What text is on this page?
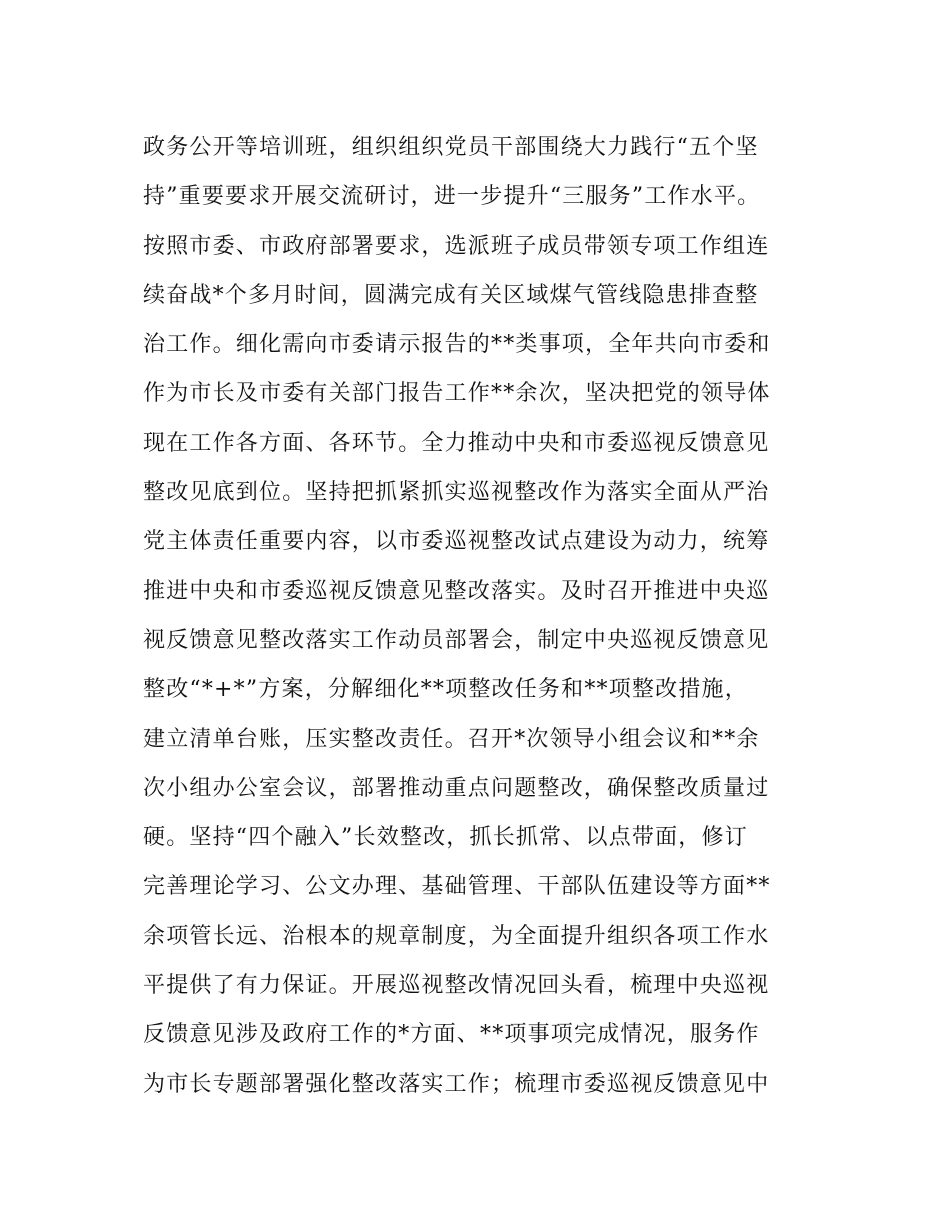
政务公开等培训班，组织组织党员干部围绕大力践行“五个坚
持”重要要求开展交流研讨，进一步提升“三服务”工作水平。
按照市委、市政府部署要求，选派班子成员带领专项工作组连
续奋战*个多月时间，圆满完成有关区域煤气管线隐患排查整
治工作。细化需向市委请示报告的**类事项，全年共向市委和
作为市长及市委有关部门报告工作**余次，坚决把党的领导体
现在工作各方面、各环节。全力推动中央和市委巡视反馈意见
整改见底到位。坚持把抓紧抓实巡视整改作为落实全面从严治
党主体责任重要内容，以市委巡视整改试点建设为动力，统筹
推进中央和市委巡视反馈意见整改落实。及时召开推进中央巡
视反馈意见整改落实工作动员部署会，制定中央巡视反馈意见
整改“*+*”方案，分解细化**项整改任务和**项整改措施，
建立清单台账，压实整改责任。召开*次领导小组会议和**余
次小组办公室会议，部署推动重点问题整改，确保整改质量过
硬。坚持“四个融入”长效整改，抓长抓常、以点带面，修订
完善理论学习、公文办理、基础管理、干部队伍建设等方面**
余项管长远、治根本的规章制度，为全面提升组织各项工作水
平提供了有力保证。开展巡视整改情况回头看，梳理中央巡视
反馈意见涉及政府工作的*方面、**项事项完成情况，服务作
为市长专题部署强化整改落实工作；梳理市委巡视反馈意见中
